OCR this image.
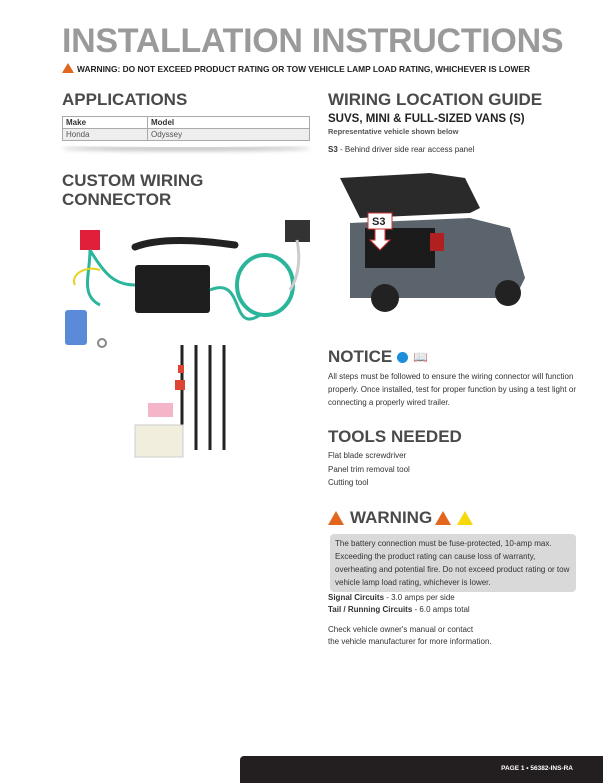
INSTALLATION INSTRUCTIONS
WARNING: DO NOT EXCEED PRODUCT RATING OR TOW VEHICLE LAMP LOAD RATING, WHICHEVER IS LOWER
APPLICATIONS
Make	Model
Honda	Odyssey
CUSTOM WIRING
CONNECTOR
WIRING LOCATION GUIDE
SUVS, MINI & FULL-SIZED VANS (S)
Representative vehicle shown below
S3 - Behind driver side rear access panel
S3
NOTICE 📖
All steps must be followed to ensure the wiring connector will function properly. Once installed, test for proper function by using a test light or connecting a properly wired trailer.
TOOLS NEEDED
Flat blade screwdriver
Panel trim removal tool
Cutting tool
WARNING
The battery connection must be fuse-protected, 10-amp max. Exceeding the product rating can cause loss of warranty, overheating and potential fire. Do not exceed product rating or tow vehicle lamp load rating, whichever is lower.
Signal Circuits - 3.0 amps per side
Tail / Running Circuits - 6.0 amps total
Check vehicle owner's manual or contact
the vehicle manufacturer for more information.
PAGE 1 • 56382-INS-RA
